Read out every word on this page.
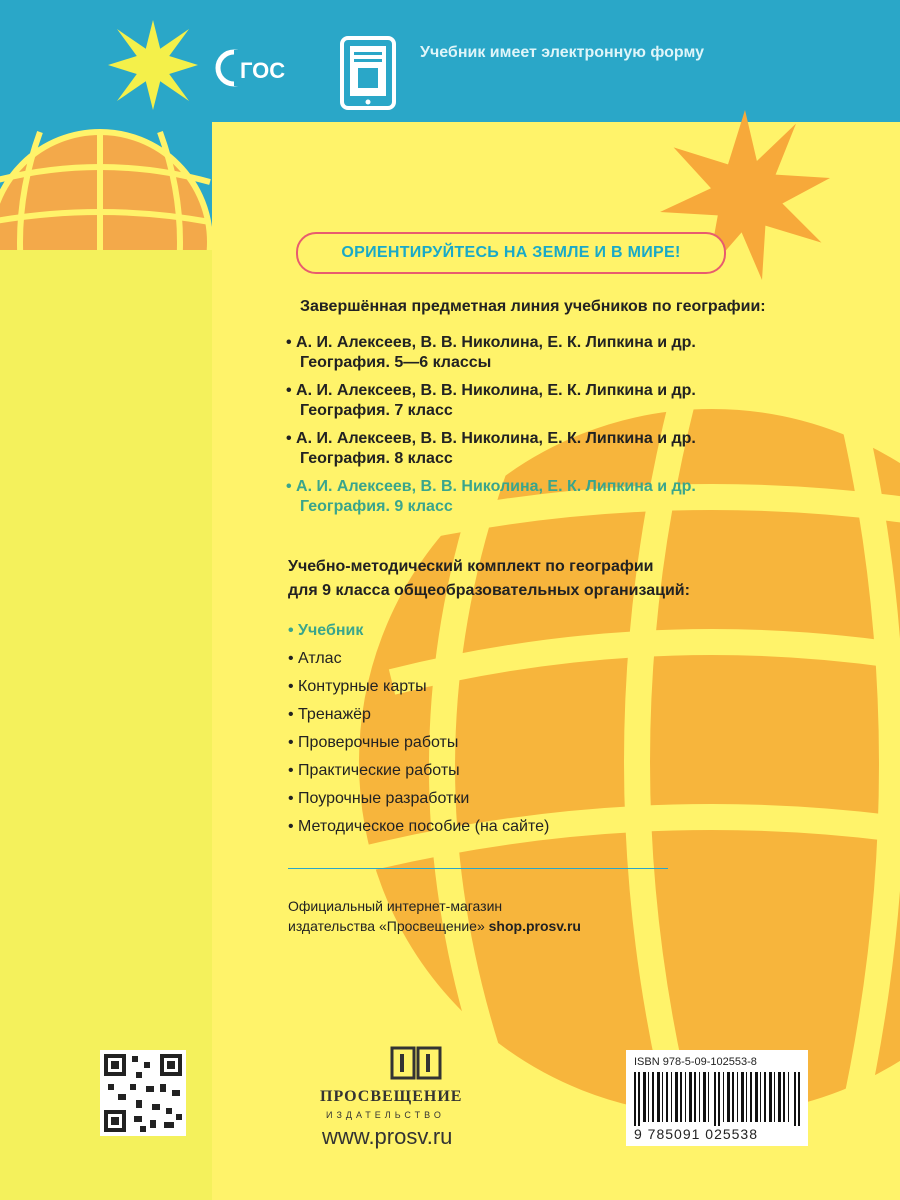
ГОС
Учебник имеет электронную форму
ОРИЕНТИРУЙТЕСЬ НА ЗЕМЛЕ И В МИРЕ!
Завершённая предметная линия учебников по географии:
• А. И. Алексеев, В. В. Николина, Е. К. Липкина и др.
География. 5—6 классы
• А. И. Алексеев, В. В. Николина, Е. К. Липкина и др.
География. 7 класс
• А. И. Алексеев, В. В. Николина, Е. К. Липкина и др.
География. 8 класс
• А. И. Алексеев, В. В. Николина, Е. К. Липкина и др.
География. 9 класс
Учебно-методический комплект по географии
для 9 класса общеобразовательных организаций:
• Учебник
• Атлас
• Контурные карты
• Тренажёр
• Проверочные работы
• Практические работы
• Поурочные разработки
• Методическое пособие (на сайте)
Официальный интернет-магазин
издательства «Просвещение» shop.prosv.ru
ПРОСВЕЩЕНИЕ
ИЗДАТЕЛЬСТВО
www.prosv.ru
ISBN 978-5-09-102553-8
9 785091 025538
